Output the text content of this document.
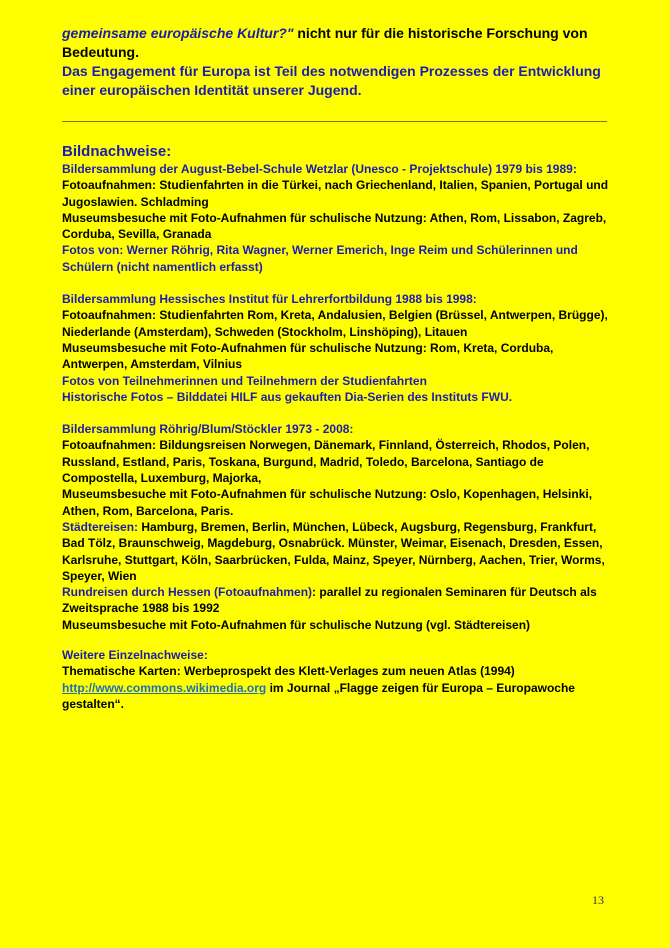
gemeinsame europäische Kultur?" nicht nur für die historische Forschung von Bedeutung.

Das Engagement für Europa ist Teil des notwendigen Prozesses der Entwicklung einer europäischen Identität unserer Jugend.

Bildnachweise:

Bildersammlung der August-Bebel-Schule Wetzlar (Unesco - Projektschule) 1979 bis 1989:

Fotoaufnahmen: Studienfahrten in die Türkei, nach Griechenland, Italien, Spanien, Portugal und Jugoslawien. Schladming

Museumsbesuche mit Foto-Aufnahmen für schulische Nutzung: Athen, Rom, Lissabon, Zagreb, Corduba, Sevilla, Granada

Fotos von: Werner Röhrig, Rita Wagner, Werner Emerich, Inge Reim und Schülerinnen und Schülern (nicht namentlich erfasst)

Bildersammlung Hessisches Institut für Lehrerfortbildung 1988 bis 1998:

Fotoaufnahmen: Studienfahrten Rom, Kreta, Andalusien, Belgien (Brüssel, Antwerpen, Brügge), Niederlande (Amsterdam), Schweden (Stockholm, Linshöping), Litauen

Museumsbesuche mit Foto-Aufnahmen für schulische Nutzung: Rom, Kreta, Corduba, Antwerpen, Amsterdam, Vilnius

Fotos von Teilnehmerinnen und Teilnehmern der Studienfahrten

Historische Fotos – Bilddatei HILF aus gekauften Dia-Serien des Instituts FWU.

Bildersammlung Röhrig/Blum/Stöckler 1973 - 2008:

Fotoaufnahmen: Bildungsreisen Norwegen, Dänemark, Finnland, Österreich, Rhodos, Polen, Russland, Estland, Paris, Toskana, Burgund, Madrid, Toledo, Barcelona, Santiago de Compostella, Luxemburg, Majorka,

Museumsbesuche mit Foto-Aufnahmen für schulische Nutzung: Oslo, Kopenhagen, Helsinki, Athen, Rom, Barcelona, Paris.

Städtereisen: Hamburg, Bremen, Berlin, München, Lübeck, Augsburg, Regensburg, Frankfurt, Bad Tölz, Braunschweig, Magdeburg, Osnabrück. Münster, Weimar, Eisenach, Dresden, Essen, Karlsruhe, Stuttgart, Köln, Saarbrücken, Fulda, Mainz, Speyer, Nürnberg, Aachen, Trier, Worms, Speyer, Wien

Rundreisen durch Hessen (Fotoaufnahmen): parallel zu regionalen Seminaren für Deutsch als Zweitsprache 1988 bis 1992

Museumsbesuche mit Foto-Aufnahmen für schulische Nutzung (vgl. Städtereisen)

Weitere Einzelnachweise:

Thematische Karten: Werbeprospekt des Klett-Verlages zum neuen Atlas (1994)

http://www.commons.wikimedia.org im Journal „Flagge zeigen für Europa – Europawoche gestalten“.

13
